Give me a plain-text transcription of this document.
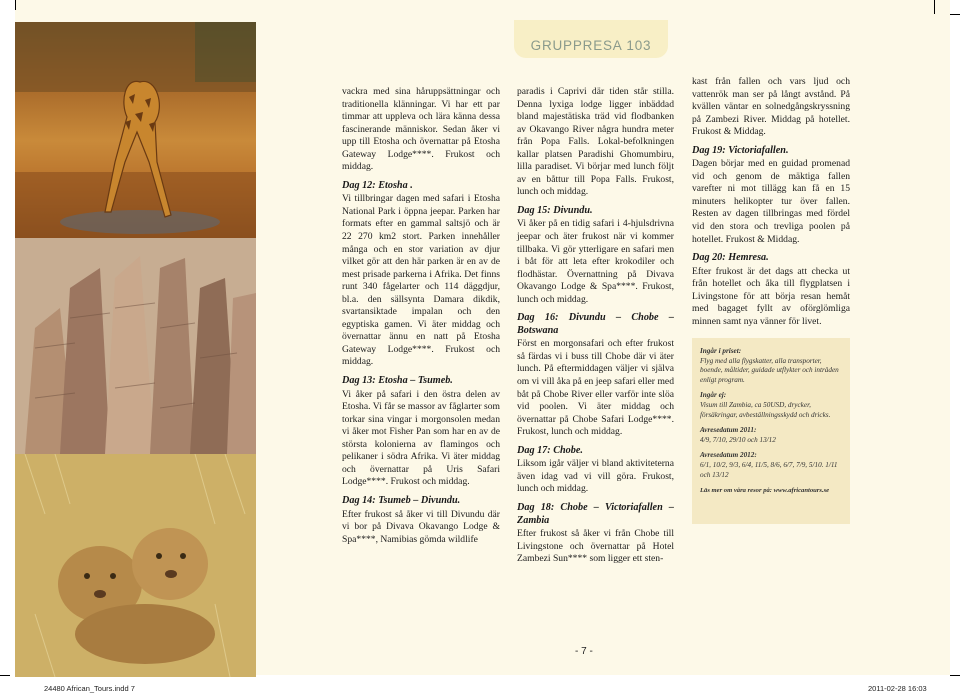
GRUPPRESA 103

vackra med sina håruppsättningar och traditionella klänningar. Vi har ett par timmar att uppleva och lära känna dessa fascinerande människor. Sedan åker vi upp till Etosha och övernattar på Etosha Gateway Lodge****. Frukost och middag.

Dag 12: Etosha .

Vi tillbringar dagen med safari i Etosha National Park i öppna jeepar. Parken har formats efter en gammal saltsjö och är 22 270 km2 stort. Parken innehåller många och en stor variation av djur vilket gör att den här parken är en av de mest prisade parkerna i Afrika. Det finns runt 340 fågelarter och 114 däggdjur, bl.a. den sällsynta Damara dikdik, svartansiktade impalan och den egyptiska gamen. Vi äter middag och övernattar ännu en natt på Etosha Gateway Lodge****. Frukost och middag.

Dag 13: Etosha – Tsumeb.

Vi åker på safari i den östra delen av Etosha. Vi får se massor av fåglarter som torkar sina vingar i morgonsolen medan vi åker mot Fisher Pan som har en av de största kolonierna av flamingos och pelikaner i södra Afrika. Vi äter middag och övernattar på Uris Safari Lodge****. Frukost och middag.

Dag 14: Tsumeb – Divundu.

Efter frukost så åker vi till Divundu där vi bor på Divava Okavango Lodge & Spa****, Namibias gömda wildlife

paradis i Caprivi där tiden står stilla. Denna lyxiga lodge ligger inbäddad bland majestätiska träd vid flodbanken av Okavango River några hundra meter från Popa Falls. Lokal-befolkningen kallar platsen Paradishi Ghomumbiru, lilla paradiset. Vi börjar med lunch följt av en båttur till Popa Falls. Frukost, lunch och middag.

Dag 15: Divundu.

Vi åker på en tidig safari i 4-hjulsdrivna jeepar och äter frukost när vi kommer tillbaka. Vi gör ytterligare en safari men i båt för att leta efter krokodiler och flodhästar. Övernattning på Divava Okavango Lodge & Spa****. Frukost, lunch och middag.

Dag 16: Divundu – Chobe – Botswana

Först en morgonsafari och efter frukost så färdas vi i buss till Chobe där vi äter lunch. På eftermiddagen väljer vi själva om vi vill åka på en jeep safari eller med båt på Chobe River eller varför inte slöa vid poolen. Vi äter middag och övernattar på Chobe Safari Lodge****. Frukost, lunch och middag.

Dag 17: Chobe.

Liksom igår väljer vi bland aktiviteterna även idag vad vi vill göra. Frukost, lunch och middag.

Dag 18: Chobe – Victoriafallen – Zambia

Efter frukost så åker vi från Chobe till Livingstone och övernattar på Hotel Zambezi Sun**** som ligger ett sten-

kast från fallen och vars ljud och vattenrök man ser på långt avstånd. På kvällen väntar en solnedgångskryssning på Zambezi River. Middag på hotellet. Frukost & Middag.

Dag 19: Victoriafallen.

Dagen börjar med en guidad promenad vid och genom de mäktiga fallen varefter ni mot tillägg kan få en 15 minuters helikopter tur över fallen. Resten av dagen tillbringas med fördel vid den stora och trevliga poolen på hotellet. Frukost & Middag.

Dag 20: Hemresa.

Efter frukost är det dags att checka ut från hotellet och åka till flygplatsen i Livingstone för att börja resan hemåt med bagaget fyllt av oförglömliga minnen samt nya vänner för livet.

Ingår i priset:
Flyg med alla flygskatter, alla transporter, boende, måltider, guidade utflykter och inträden enligt program.
Ingår ej:
Visum till Zambia, ca 50USD, drycker, försäkringar, avbeställningsskydd och dricks.
Avresedatum 2011:
4/9, 7/10, 29/10 och 13/12
Avresedatum 2012:
6/1, 10/2, 9/3, 6/4, 11/5, 8/6, 6/7, 7/9, 5/10. 1/11 och 13/12
Läs mer om våra resor på: www.africantours.se
- 7 -
24480 African_Tours.indd 7	2011-02-28 16:03
